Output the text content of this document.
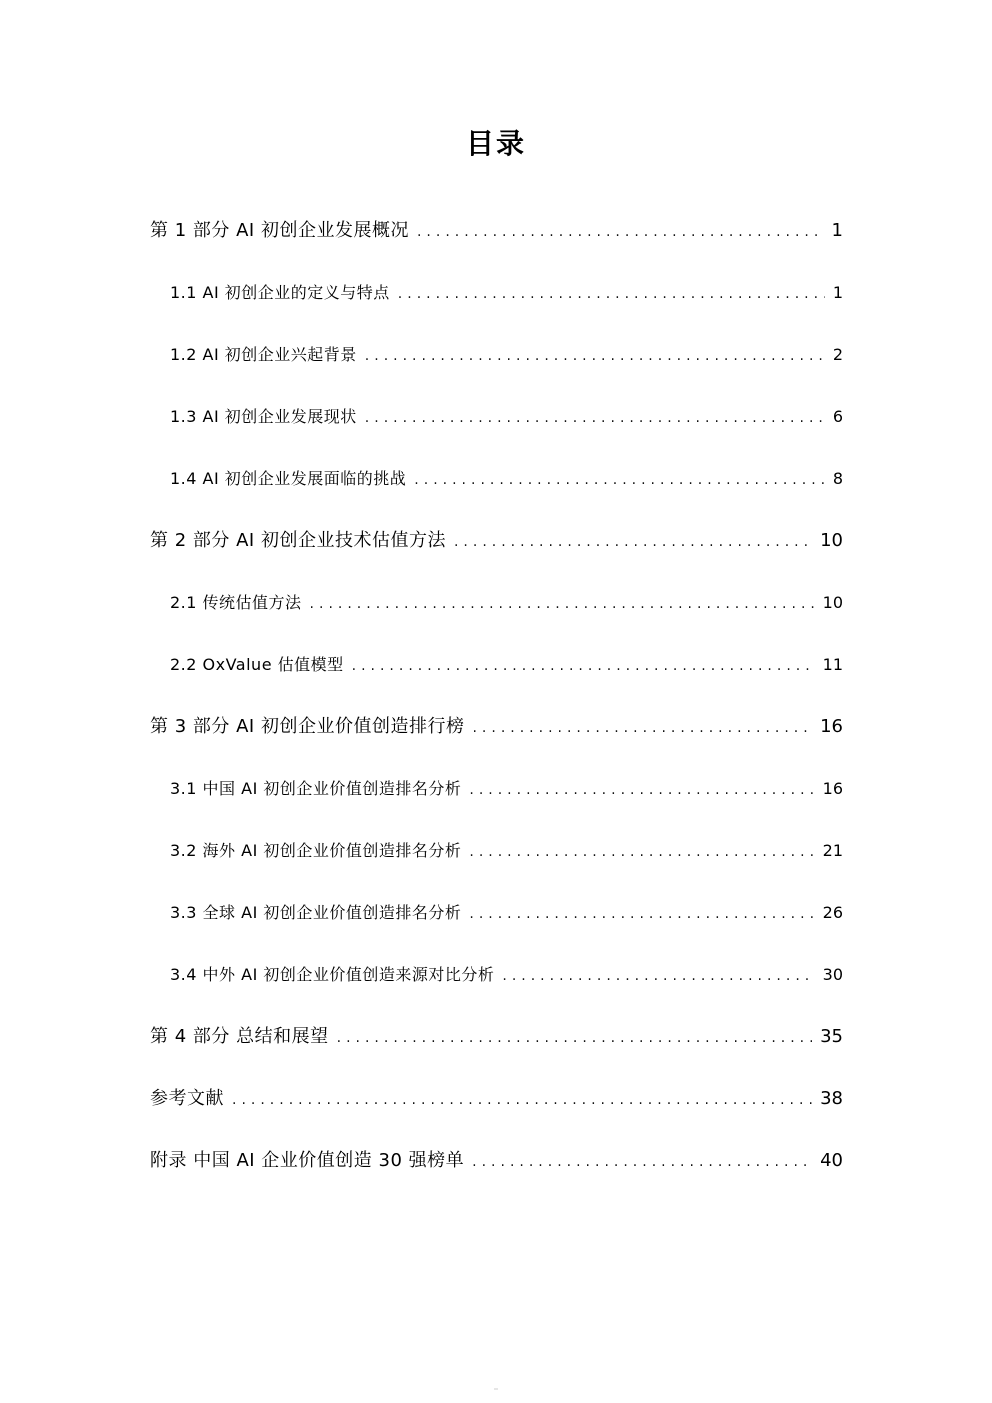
目录
第 1 部分 AI 初创企业发展概况 .....	1
1.1 AI 初创企业的定义与特点 .....	1
1.2 AI 初创企业兴起背景 .....	2
1.3 AI 初创企业发展现状 .....	6
1.4 AI 初创企业发展面临的挑战 .....	8
第 2 部分 AI 初创企业技术估值方法 .....	10
2.1 传统估值方法 .....	10
2.2 OxValue 估值模型 .....	11
第 3 部分 AI 初创企业价值创造排行榜 .....	16
3.1 中国 AI 初创企业价值创造排名分析 .....	16
3.2 海外 AI 初创企业价值创造排名分析 .....	21
3.3 全球 AI 初创企业价值创造排名分析 .....	26
3.4 中外 AI 初创企业价值创造来源对比分析 .....	30
第 4 部分 总结和展望 .....	35
参考文献 .....	38
附录 中国 AI 企业价值创造 30 强榜单 .....	40
